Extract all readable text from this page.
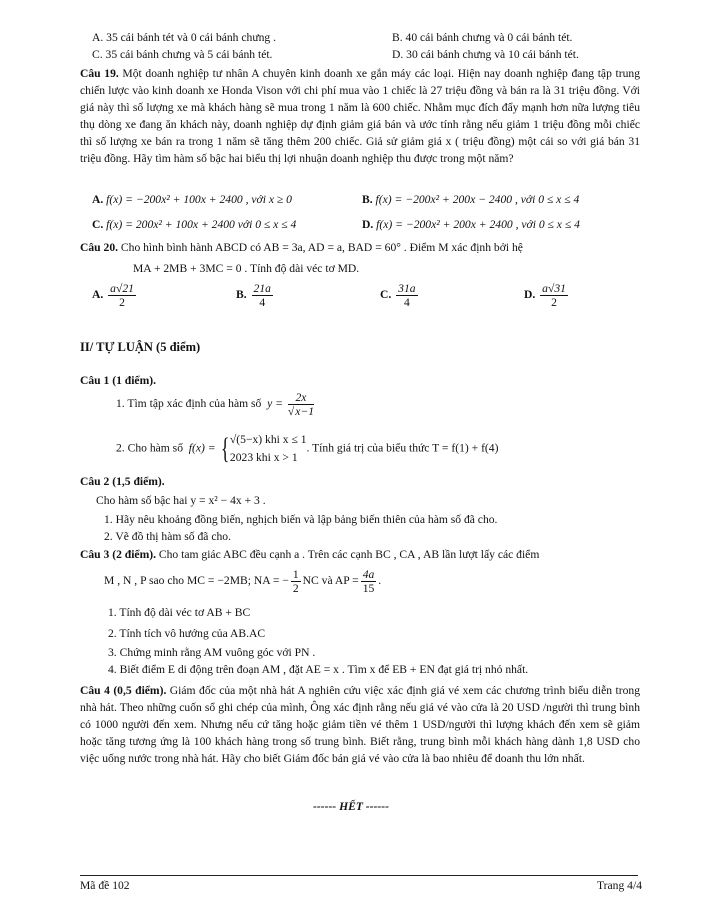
A. 35 cái bánh tét và 0 cái bánh chưng .	B. 40 cái bánh chưng và 0 cái bánh tét.
C. 35 cái bánh chưng và 5 cái bánh tét.	D. 30 cái bánh chưng và 10 cái bánh tét.
Câu 19. Một doanh nghiệp tư nhân A chuyên kinh doanh xe gắn máy các loại. Hiện nay doanh nghiệp đang tập trung chiến lược vào kinh doanh xe Honda Vison với chi phí mua vào 1 chiếc là 27 triệu đồng và bán ra là 31 triệu đồng. Với giá này thì số lượng xe mà khách hàng sẽ mua trong 1 năm là 600 chiếc. Nhằm mục đích đẩy mạnh hơn nữa lượng tiêu thụ dòng xe đang ăn khách này, doanh nghiệp dự định giảm giá bán và ước tính rằng nếu giảm 1 triệu đồng mỗi chiếc thì số lượng xe bán ra trong 1 năm sẽ tăng thêm 200 chiếc. Giả sử giảm giá x ( triệu đồng) một cái so với giá bán 31 triệu đồng. Hãy tìm hàm số bậc hai biểu thị lợi nhuận doanh nghiệp thu được trong một năm?
A. f(x) = −200x² + 100x + 2400 , với x ≥ 0	B. f(x) = −200x² + 200x − 2400 , với 0 ≤ x ≤ 4
C. f(x) = 200x² + 100x + 2400 với 0 ≤ x ≤ 4	D. f(x) = −200x² + 200x + 2400 , với 0 ≤ x ≤ 4
Câu 20. Cho hình bình hành ABCD có AB = 3a, AD = a, BAD = 60° . Điểm M xác định bởi hệ
MA + 2MB + 3MC = 0 . Tính độ dài véc tơ MD.
A. $\frac{a√21}{2}$	B. $\frac{21a}{4}$	C. $\frac{31a}{4}$	D. $\frac{a√31}{2}$
II/ TỰ LUẬN (5 điểm)
Câu 1 (1 điểm).
1. Tìm tập xác định của hàm số $y = \frac{2x}{√x-1}$
2. Cho hàm số f(x) = { √(5−x) khi x ≤ 1
2023 khi x > 1
. Tính giá trị của biểu thức T = f(1) + f(4)
Câu 2 (1,5 điểm).
Cho hàm số bậc hai y = x² − 4x + 3 .
1. Hãy nêu khoảng đồng biến, nghịch biến và lập bảng biến thiên của hàm số đã cho.
2. Vẽ đồ thị hàm số đã cho.
Câu 3 (2 điểm). Cho tam giác ABC đều cạnh a . Trên các cạnh BC , CA , AB lần lượt lấy các điểm
M , N , P sao cho MC = −2MB; NA = − $\frac{1}{2}$ NC và AP = $\frac{4a}{15}$ .
1. Tính độ dài véc tơ AB + BC
2. Tính tích vô hướng của AB.AC
3. Chứng minh rằng AM vuông góc với PN .
4. Biết điểm E di động trên đoạn AM , đặt AE = x . Tìm x để EB + EN đạt giá trị nhỏ nhất.
Câu 4 (0,5 điểm). Giám đốc của một nhà hát A nghiên cứu việc xác định giá vé xem các chương trình biểu diễn trong nhà hát. Theo những cuốn sổ ghi chép của mình, Ông xác định rằng nếu giá vé vào cửa là 20 USD /người thì trung bình có 1000 người đến xem. Nhưng nếu cứ tăng hoặc giảm tiền vé thêm 1 USD/người thì lượng khách đến xem sẽ giảm hoặc tăng tương ứng là 100 khách hàng trong số trung bình. Biết rằng, trung bình mỗi khách hàng dành 1,8 USD cho việc uống nước trong nhà hát. Hãy cho biết Giám đốc bán giá vé vào cửa là bao nhiêu để doanh thu lớn nhất.
------ HẾT ------
Mã đề 102	Trang 4/4
